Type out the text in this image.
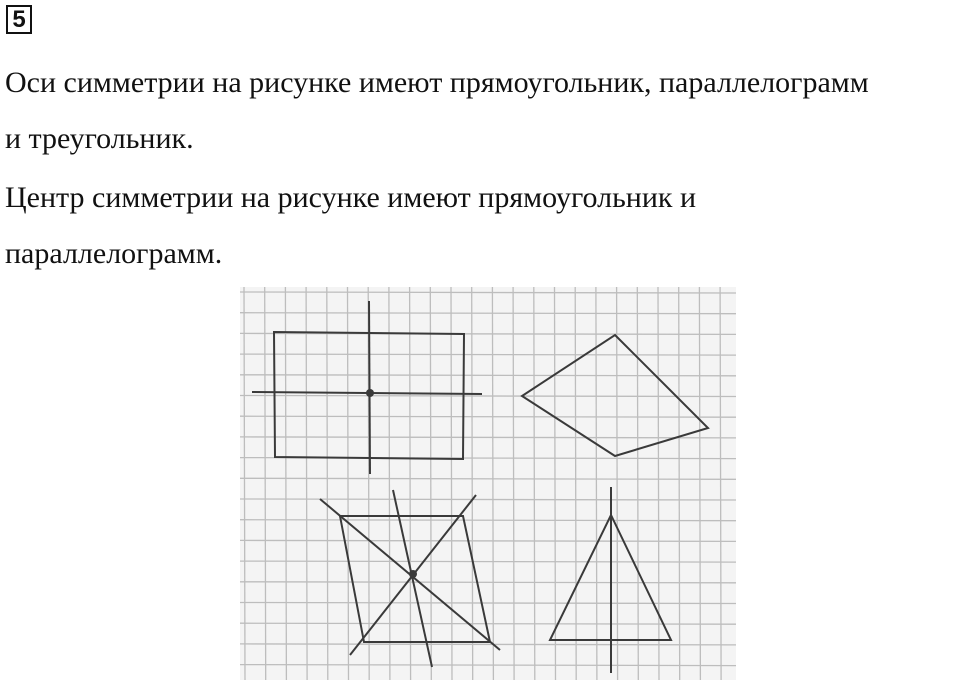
5
Оси симметрии на рисунке имеют прямоугольник, параллелограмм
и треугольник.
Центр симметрии на рисунке имеют прямоугольник и
параллелограмм.
